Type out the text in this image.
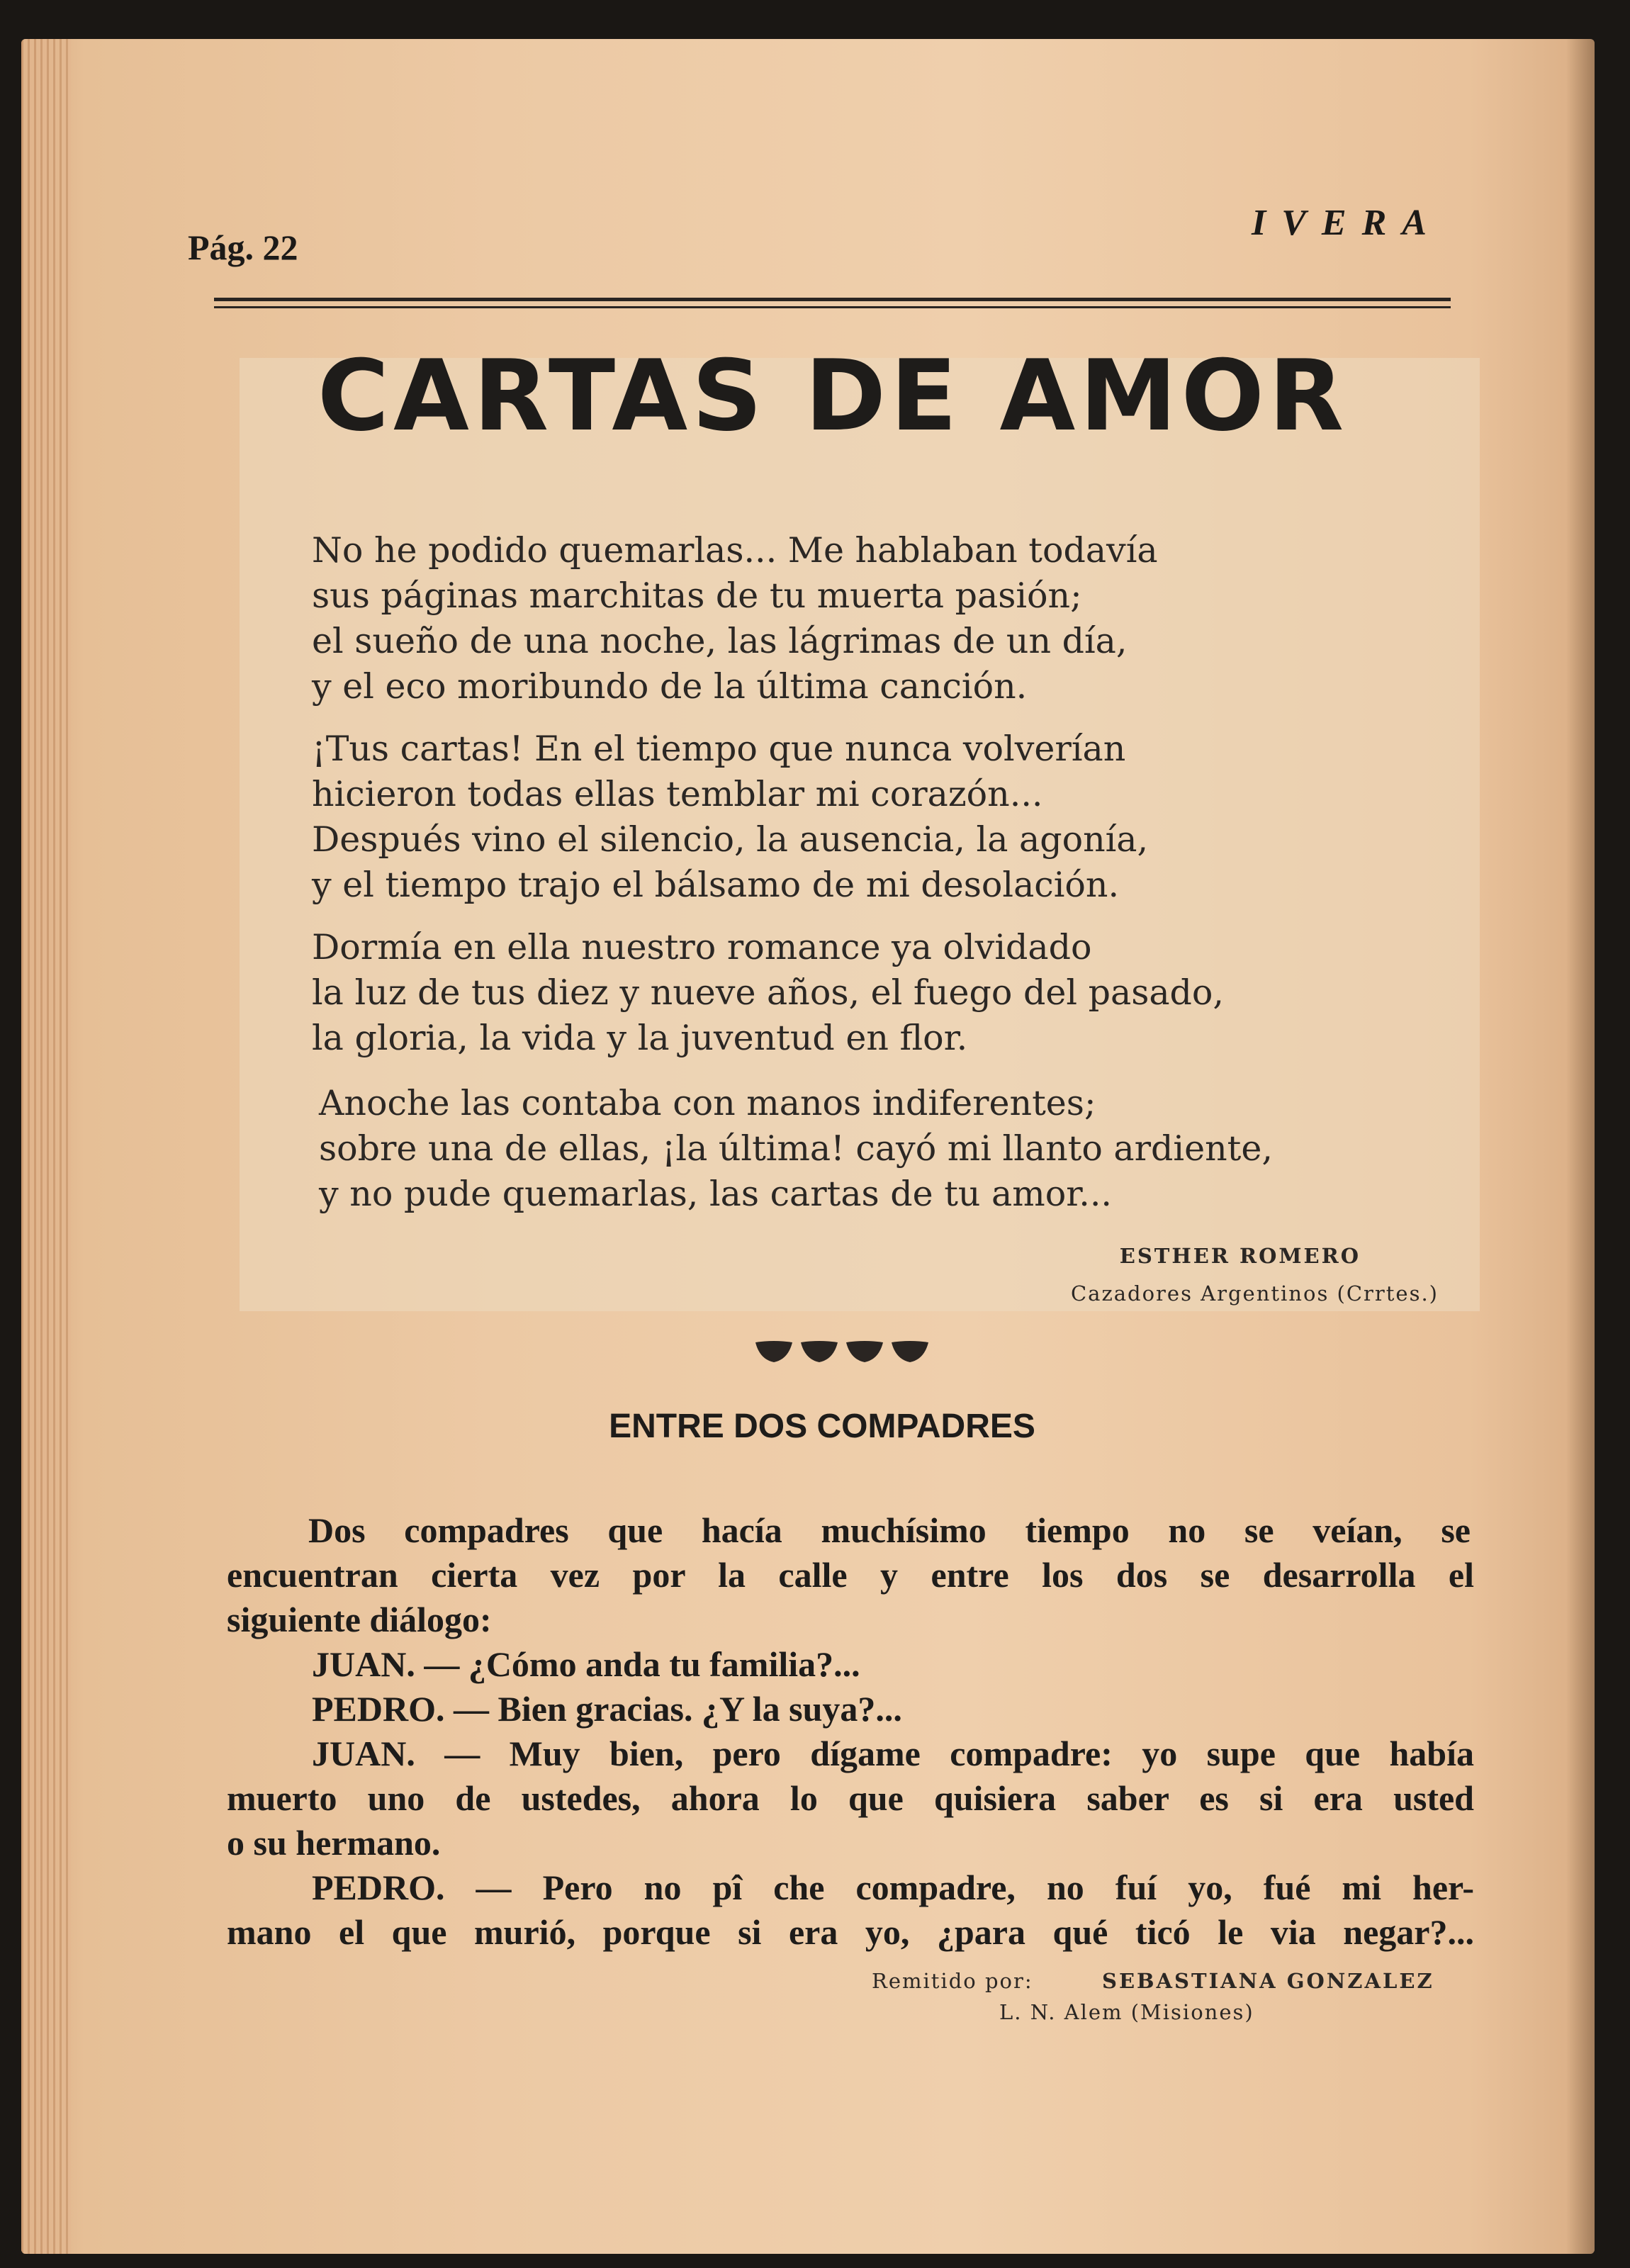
Pág. 22
IVERA
CARTAS DE AMOR
No he podido quemarlas... Me hablaban todavía
sus páginas marchitas de tu muerta pasión;
el sueño de una noche, las lágrimas de un día,
y el eco moribundo de la última canción.
¡Tus cartas! En el tiempo que nunca volverían
hicieron todas ellas temblar mi corazón...
Después vino el silencio, la ausencia, la agonía,
y el tiempo trajo el bálsamo de mi desolación.
Dormía en ella nuestro romance ya olvidado
la luz de tus diez y nueve años, el fuego del pasado,
la gloria, la vida y la juventud en flor.
Anoche las contaba con manos indiferentes;
sobre una de ellas, ¡la última! cayó mi llanto ardiente,
y no pude quemarlas, las cartas de tu amor...
ESTHER ROMERO
Cazadores Argentinos (Crrtes.)
ENTRE DOS COMPADRES
Dos compadres que hacía muchísimo tiempo no se veían, se
encuentran cierta vez por la calle y entre los dos se desarrolla el
siguiente diálogo:
JUAN. — ¿Cómo anda tu familia?...
PEDRO. — Bien gracias. ¿Y la suya?...
JUAN. — Muy bien, pero dígame compadre: yo supe que había
muerto uno de ustedes, ahora lo que quisiera saber es si era usted
o su hermano.
PEDRO. — Pero no pî che compadre, no fuí yo, fué mi her-
mano el que murió, porque si era yo, ¿para qué ticó le via negar?...
Remitido por:	SEBASTIANA GONZALEZ
L. N. Alem (Misiones)
